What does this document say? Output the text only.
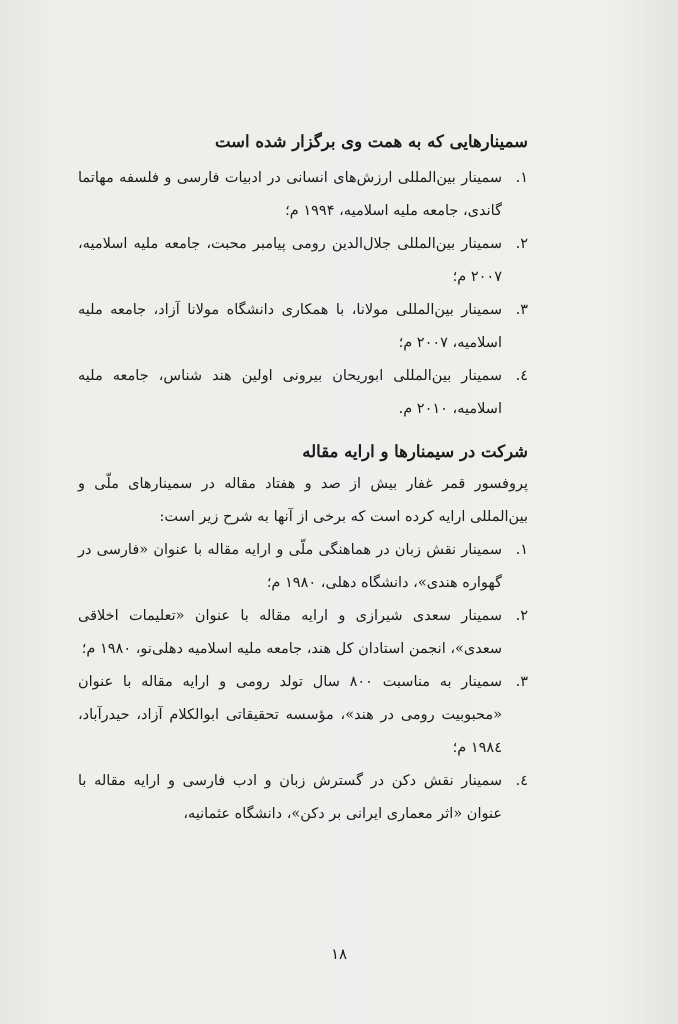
سمینارهایی که به همت وی برگزار شده است
۱.
سمینار بین‌المللی ارزش‌های انسانی در ادبیات فارسی و فلسفه مهاتما گاندی، جامعه ملیه اسلامیه، ۱۹۹۴ م؛
۲.
سمینار بین‌المللی جلال‌الدین رومی پیامبر محبت، جامعه ملیه اسلامیه، ۲۰۰۷ م؛
۳.
سمینار بین‌المللی مولانا، با همکاری دانشگاه مولانا آزاد، جامعه ملیه اسلامیه، ۲۰۰۷ م؛
٤.
سمینار بین‌المللی ابوریحان بیرونی اولین هند شناس، جامعه ملیه اسلامیه، ۲۰۱۰ م.
شرکت در سیمنارها و ارایه مقاله

پروفسور قمر غفار بیش از صد و هفتاد مقاله در سمینارهای ملّی و بین‌المللی ارایه کرده است که برخی از آنها به شرح زیر است:

۱.
سمینار نقش زبان در هماهنگی ملّی و ارایه مقاله با عنوان «فارسی در گهواره هندی»، دانشگاه دهلی، ۱۹۸۰ م؛
۲.
سمینار سعدی شیرازی و ارایه مقاله با عنوان «تعلیمات اخلاقی سعدی»، انجمن استادان کل هند، جامعه ملیه اسلامیه دهلی‌نو، ۱۹۸۰ م؛
۳.
سمینار به مناسبت ۸۰۰ سال تولد رومی و ارایه مقاله با عنوان «محبوبیت رومی در هند»، مؤسسه تحقیقاتی ابوالکلام آزاد، حیدرآباد، ۱۹۸٤ م؛
٤.
سمینار نقش دکن در گسترش زبان و ادب فارسی و ارایه مقاله با عنوان «اثر معماری ایرانی بر دکن»، دانشگاه عثمانیه،
۱۸
